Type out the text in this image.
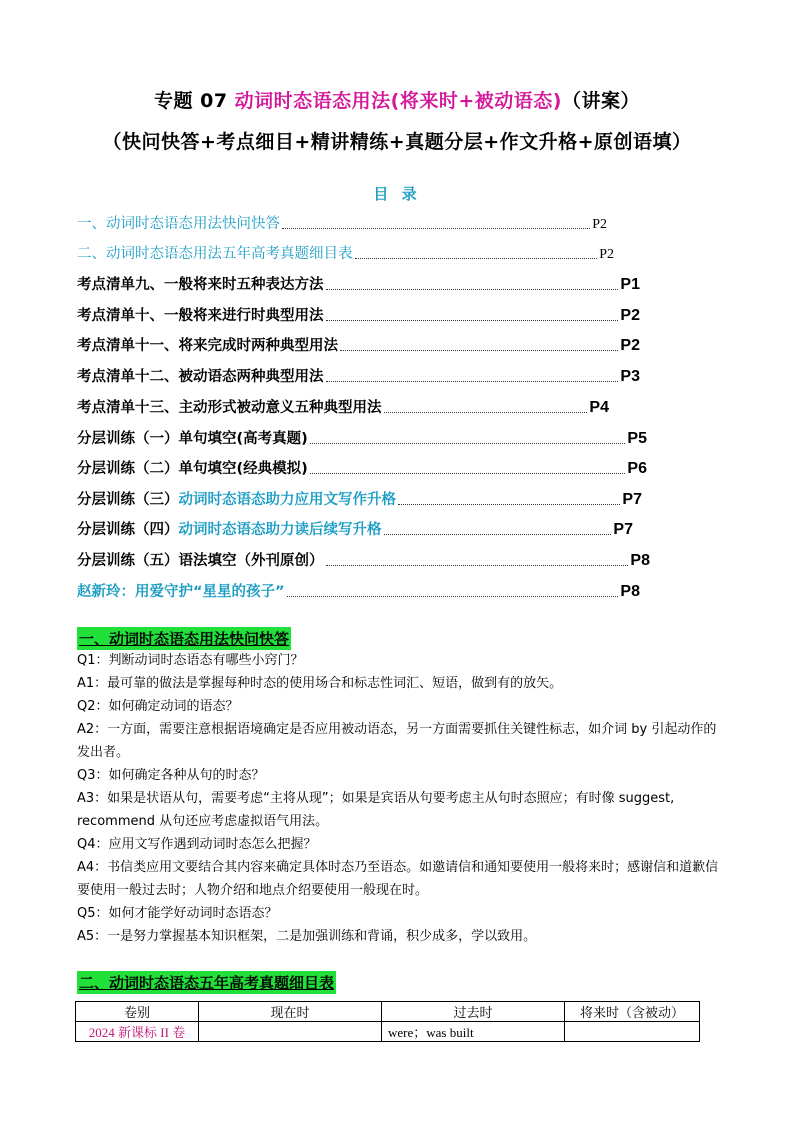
专题 07 动词时态语态用法(将来时+被动语态)（讲案）
（快问快答+考点细目+精讲精练+真题分层+作文升格+原创语填）
目 录
一、动词时态语态用法快问快答	P2
二、动词时态语态用法五年高考真题细目表	P2
考点清单九、一般将来时五种表达方法	P1
考点清单十、一般将来进行时典型用法	P2
考点清单十一、将来完成时两种典型用法	P2
考点清单十二、被动语态两种典型用法	P3
考点清单十三、主动形式被动意义五种典型用法	P4
分层训练（一）单句填空(高考真题)	P5
分层训练（二）单句填空(经典模拟)	P6
分层训练（三）动词时态语态助力应用文写作升格	P7
分层训练（四）动词时态语态助力读后续写升格	P7
分层训练（五）语法填空（外刊原创）	P8
赵新玲：用爱守护“星星的孩子”	P8
一、动词时态语态用法快问快答

Q1：判断动词时态语态有哪些小窍门？

A1：最可靠的做法是掌握每种时态的使用场合和标志性词汇、短语，做到有的放矢。

Q2：如何确定动词的语态？

A2：一方面，需要注意根据语境确定是否应用被动语态，另一方面需要抓住关键性标志，如介词 by 引起动作的发出者。

Q3：如何确定各种从句的时态？

A3：如果是状语从句，需要考虑“主将从现”；如果是宾语从句要考虑主从句时态照应；有时像 suggest, recommend 从句还应考虑虚拟语气用法。

Q4：应用文写作遇到动词时态怎么把握？

A4：书信类应用文要结合其内容来确定具体时态乃至语态。如邀请信和通知要使用一般将来时；感谢信和道歉信要使用一般过去时；人物介绍和地点介绍要使用一般现在时。

Q5：如何才能学好动词时态语态？

A5：一是努力掌握基本知识框架，二是加强训练和背诵，积少成多，学以致用。

二、动词时态语态五年高考真题细目表
卷别	现在时	过去时	将来时（含被动）
2024 新课标 II 卷		were；was built	
